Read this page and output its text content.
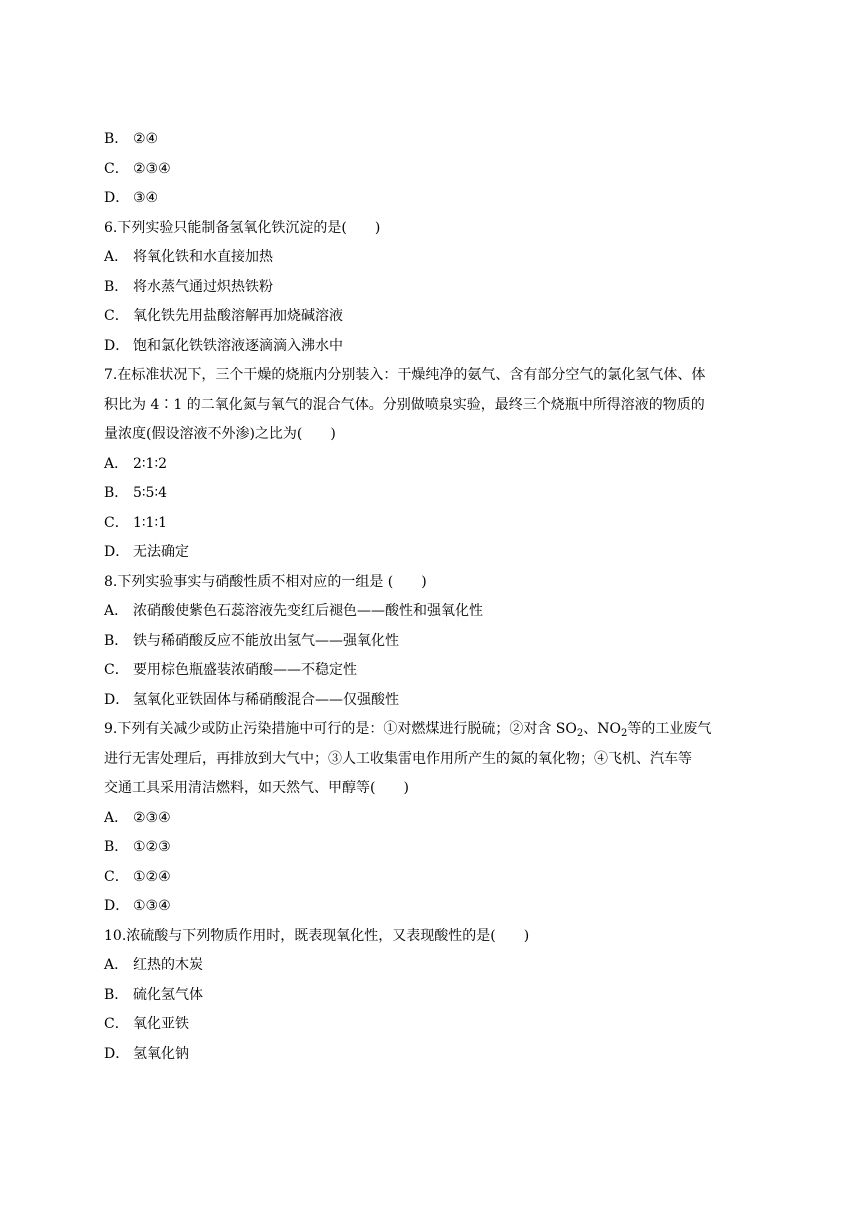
B． ②④
C． ②③④
D． ③④
6.下列实验只能制备氢氧化铁沉淀的是( )
A． 将氧化铁和水直接加热
B． 将水蒸气通过炽热铁粉
C． 氧化铁先用盐酸溶解再加烧碱溶液
D． 饱和氯化铁铁溶液逐滴滴入沸水中
7.在标准状况下，三个干燥的烧瓶内分别装入：干燥纯净的氨气、含有部分空气的氯化氢气体、体
积比为 4∶1 的二氧化氮与氧气的混合气体。分别做喷泉实验，最终三个烧瓶中所得溶液的物质的
量浓度(假设溶液不外渗)之比为( )
A． 2∶1∶2
B． 5∶5∶4
C． 1∶1∶1
D． 无法确定
8.下列实验事实与硝酸性质不相对应的一组是 ( )
A． 浓硝酸使紫色石蕊溶液先变红后褪色——酸性和强氧化性
B． 铁与稀硝酸反应不能放出氢气——强氧化性
C． 要用棕色瓶盛装浓硝酸——不稳定性
D． 氢氧化亚铁固体与稀硝酸混合——仅强酸性
9.下列有关减少或防止污染措施中可行的是：①对燃煤进行脱硫；②对含 $SO_2$、$NO_2$等的工业废气
进行无害处理后，再排放到大气中；③人工收集雷电作用所产生的氮的氧化物；④飞机、汽车等
交通工具采用清洁燃料，如天然气、甲醇等( )
A． ②③④
B． ①②③
C． ①②④
D． ①③④
10.浓硫酸与下列物质作用时，既表现氧化性，又表现酸性的是( )
A． 红热的木炭
B． 硫化氢气体
C． 氧化亚铁
D． 氢氧化钠
